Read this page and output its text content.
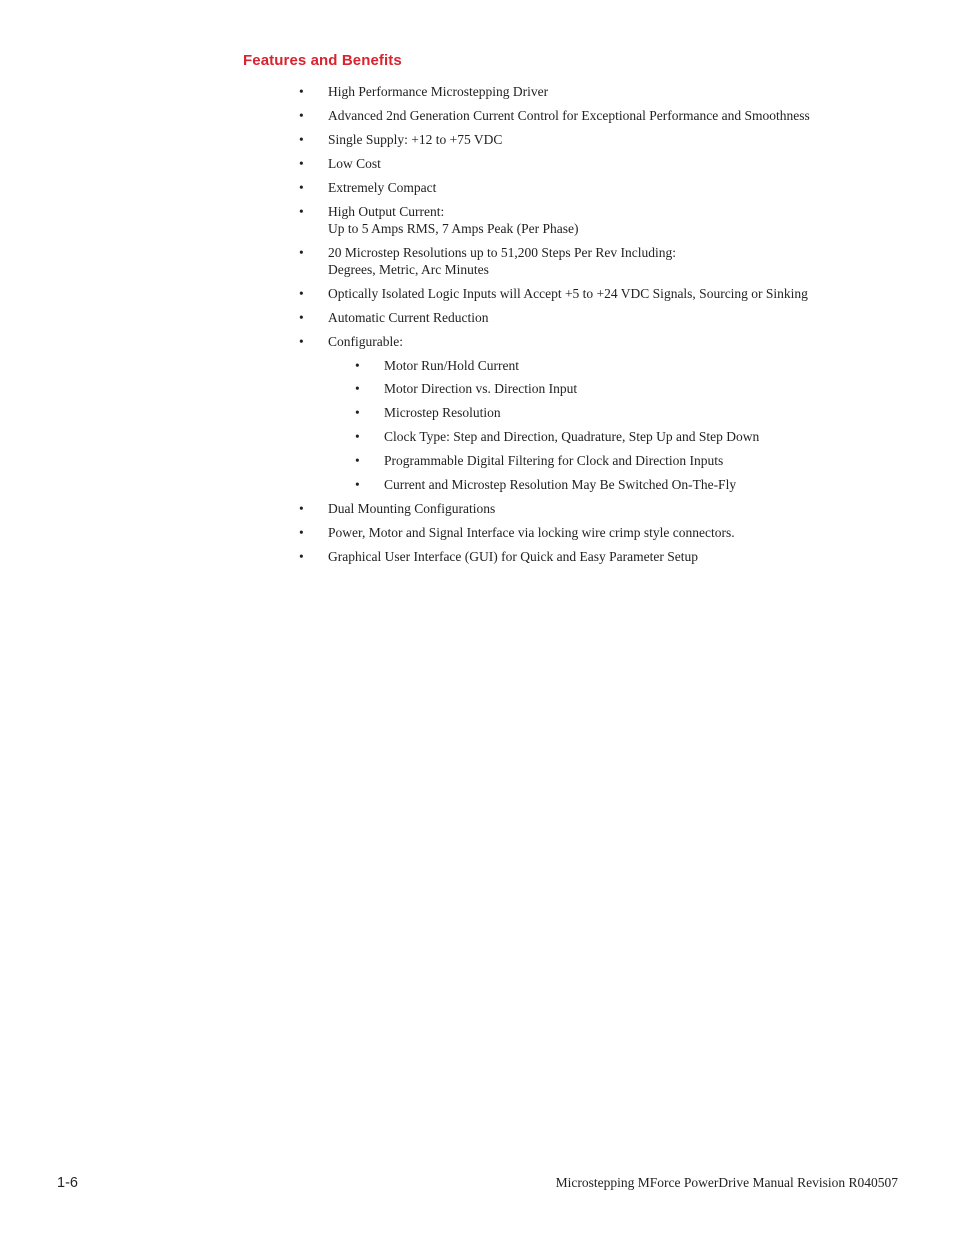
Features and Benefits
• High Performance Microstepping Driver
• Advanced 2nd Generation Current Control for Exceptional Performance and Smoothness
• Single Supply: +12 to +75 VDC
• Low Cost
• Extremely Compact
• High Output Current:
Up to 5 Amps RMS, 7 Amps Peak (Per Phase)
• 20 Microstep Resolutions up to 51,200 Steps Per Rev Including:
Degrees, Metric, Arc Minutes
• Optically Isolated Logic Inputs will Accept +5 to +24 VDC Signals, Sourcing or Sinking
• Automatic Current Reduction
• Configurable:
• Motor Run/Hold Current
• Motor Direction vs. Direction Input
• Microstep Resolution
• Clock Type: Step and Direction, Quadrature, Step Up and Step Down
• Programmable Digital Filtering for Clock and Direction Inputs
• Current and Microstep Resolution May Be Switched On-The-Fly
• Dual Mounting Configurations
• Power, Motor and Signal Interface via locking wire crimp style connectors.
• Graphical User Interface (GUI) for Quick and Easy Parameter Setup
1-6	Microstepping MForce PowerDrive Manual Revision R040507
